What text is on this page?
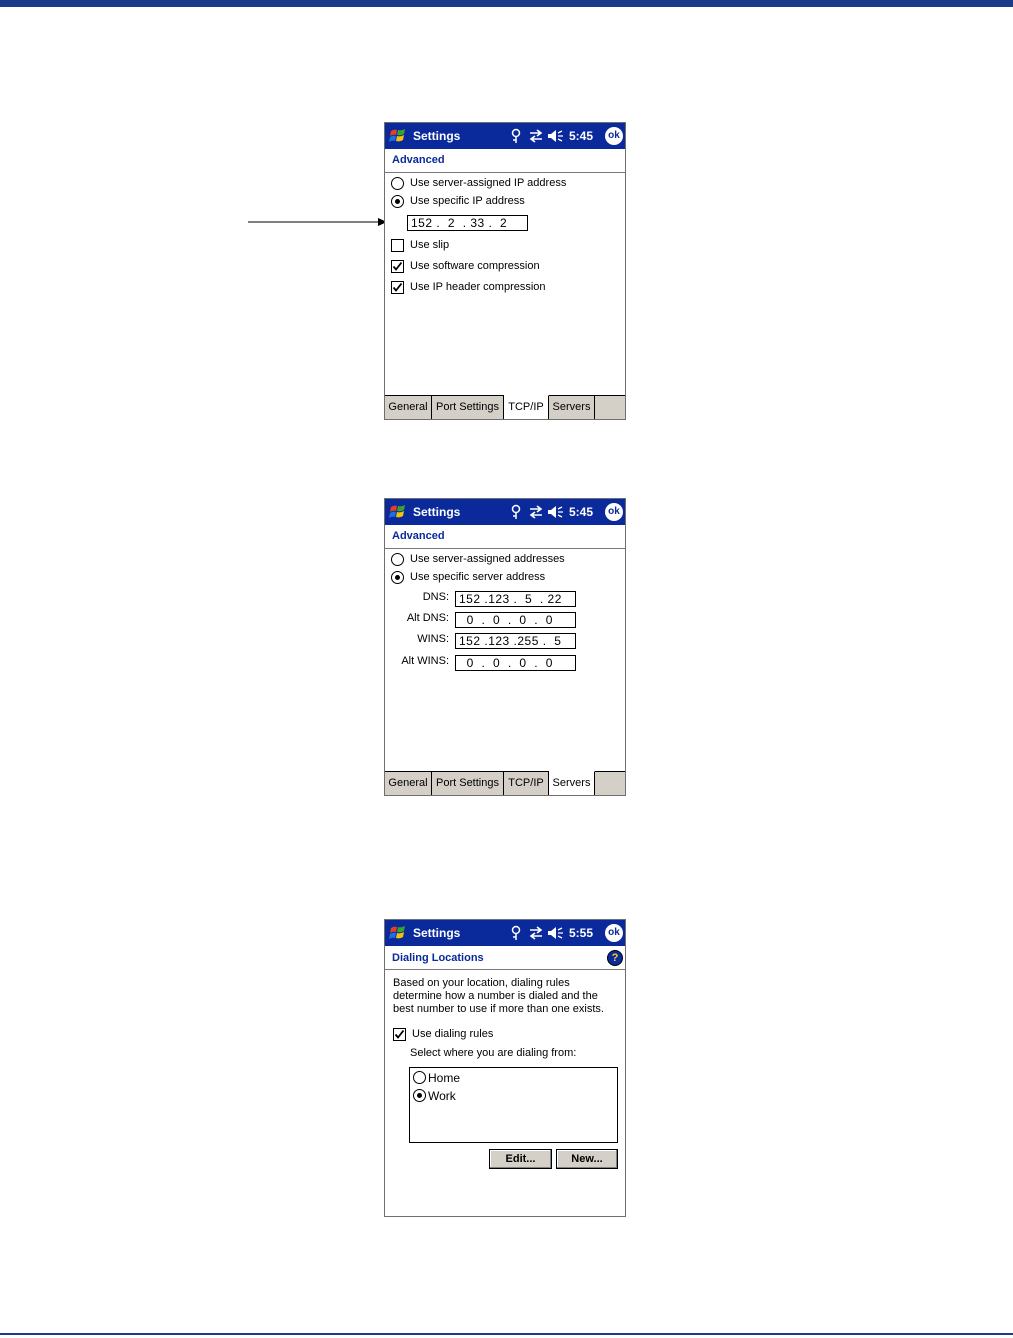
Settings	5:45	ok
Advanced
Use server-assigned IP address
Use specific IP address
152 .  2  . 33 .  2
Use slip
Use software compression
Use IP header compression
General Port Settings TCP/IP Servers
Settings	5:45	ok
Advanced
Use server-assigned addresses
Use specific server address
DNS: 152 .123 .  5  . 22
Alt DNS: 0  .  0  .  0  .  0
WINS: 152 .123 .255 .  5
Alt WINS: 0  .  0  .  0  .  0
General Port Settings TCP/IP Servers
Settings	5:55	ok
Dialing Locations	?
Based on your location, dialing rules determine how a number is dialed and the best number to use if more than one exists.
Use dialing rules
Select where you are dialing from:
Home
Work
Edit...	New...
